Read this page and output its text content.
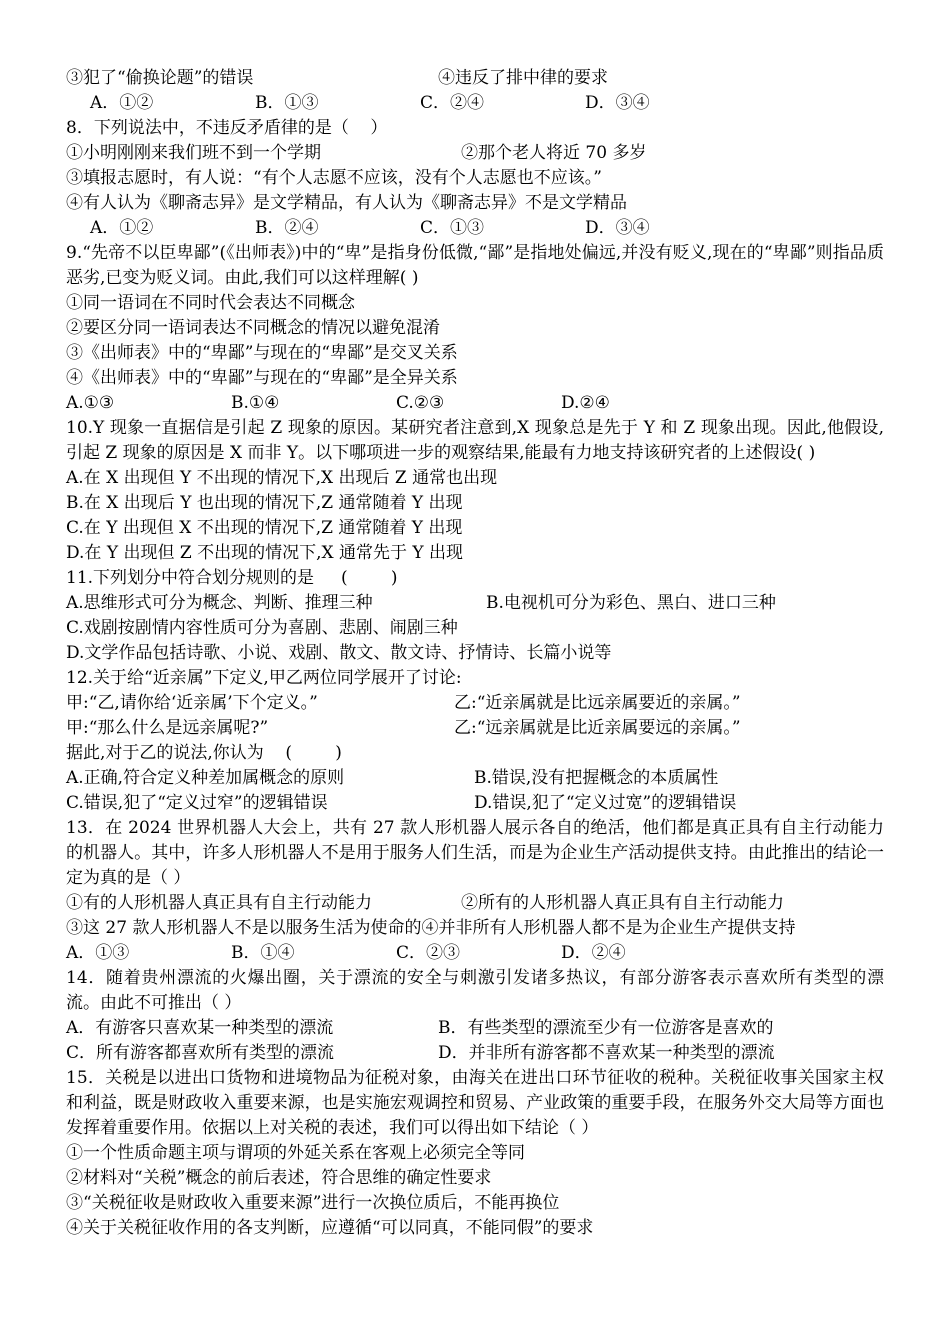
③犯了“偷换论题”的错误	④违反了排中律的要求
A．①②	B．①③	C．②④	D．③④
8．下列说法中，不违反矛盾律的是（    ）
①小明刚刚来我们班不到一个学期	②那个老人将近 70 多岁
③填报志愿时，有人说：“有个人志愿不应该，没有个人志愿也不应该。”
④有人认为《聊斋志异》是文学精品，有人认为《聊斋志异》不是文学精品
A．①②	B．②④	C．①③	D．③④
9.“先帝不以臣卑鄙”(《出师表》)中的“卑”是指身份低微,“鄙”是指地处偏远,并没有贬义,现在的“卑鄙”则指品质恶劣,已变为贬义词。由此,我们可以这样理解( )
①同一语词在不同时代会表达不同概念
②要区分同一语词表达不同概念的情况以避免混淆
③《出师表》中的“卑鄙”与现在的“卑鄙”是交叉关系
④《出师表》中的“卑鄙”与现在的“卑鄙”是全异关系
A.①③	B.①④	C.②③	D.②④
10.Y 现象一直据信是引起 Z 现象的原因。某研究者注意到,X 现象总是先于 Y 和 Z 现象出现。因此,他假设,引起 Z 现象的原因是 X 而非 Y。以下哪项进一步的观察结果,能最有力地支持该研究者的上述假设( )
A.在 X 出现但 Y 不出现的情况下,X 出现后 Z 通常也出现
B.在 X 出现后 Y 也出现的情况下,Z 通常随着 Y 出现
C.在 Y 出现但 X 不出现的情况下,Z 通常随着 Y 出现
D.在 Y 出现但 Z 不出现的情况下,X 通常先于 Y 出现
11.下列划分中符合划分规则的是     (        )
A.思维形式可分为概念、判断、推理三种	B.电视机可分为彩色、黑白、进口三种
C.戏剧按剧情内容性质可分为喜剧、悲剧、闹剧三种
D.文学作品包括诗歌、小说、戏剧、散文、散文诗、抒情诗、长篇小说等
12.关于给“近亲属”下定义,甲乙两位同学展开了讨论:
甲:“乙,请你给‘近亲属’下个定义。”	乙:“近亲属就是比远亲属要近的亲属。”
甲:“那么什么是远亲属呢?”	乙:“远亲属就是比近亲属要远的亲属。”
据此,对于乙的说法,你认为    (        )
A.正确,符合定义种差加属概念的原则	B.错误,没有把握概念的本质属性
C.错误,犯了“定义过窄”的逻辑错误	D.错误,犯了“定义过宽”的逻辑错误
13．在 2024 世界机器人大会上，共有 27 款人形机器人展示各自的绝活，他们都是真正具有自主行动能力的机器人。其中，许多人形机器人不是用于服务人们生活，而是为企业生产活动提供支持。由此推出的结论一定为真的是（ ）
①有的人形机器人真正具有自主行动能力	②所有的人形机器人真正具有自主行动能力
③这 27 款人形机器人不是以服务生活为使命的 ④并非所有人形机器人都不是为企业生产提供支持
A．①③	B．①④	C．②③	D．②④
14．随着贵州漂流的火爆出圈，关于漂流的安全与刺激引发诸多热议，有部分游客表示喜欢所有类型的漂流。由此不可推出（ ）
A．有游客只喜欢某一种类型的漂流	B．有些类型的漂流至少有一位游客是喜欢的
C．所有游客都喜欢所有类型的漂流	D．并非所有游客都不喜欢某一种类型的漂流
15．关税是以进出口货物和进境物品为征税对象，由海关在进出口环节征收的税种。关税征收事关国家主权和利益，既是财政收入重要来源，也是实施宏观调控和贸易、产业政策的重要手段，在服务外交大局等方面也发挥着重要作用。依据以上对关税的表述，我们可以得出如下结论（ ）
①一个性质命题主项与谓项的外延关系在客观上必须完全等同
②材料对“关税”概念的前后表述，符合思维的确定性要求
③“关税征收是财政收入重要来源”进行一次换位质后，不能再换位
④关于关税征收作用的各支判断，应遵循“可以同真，不能同假”的要求
